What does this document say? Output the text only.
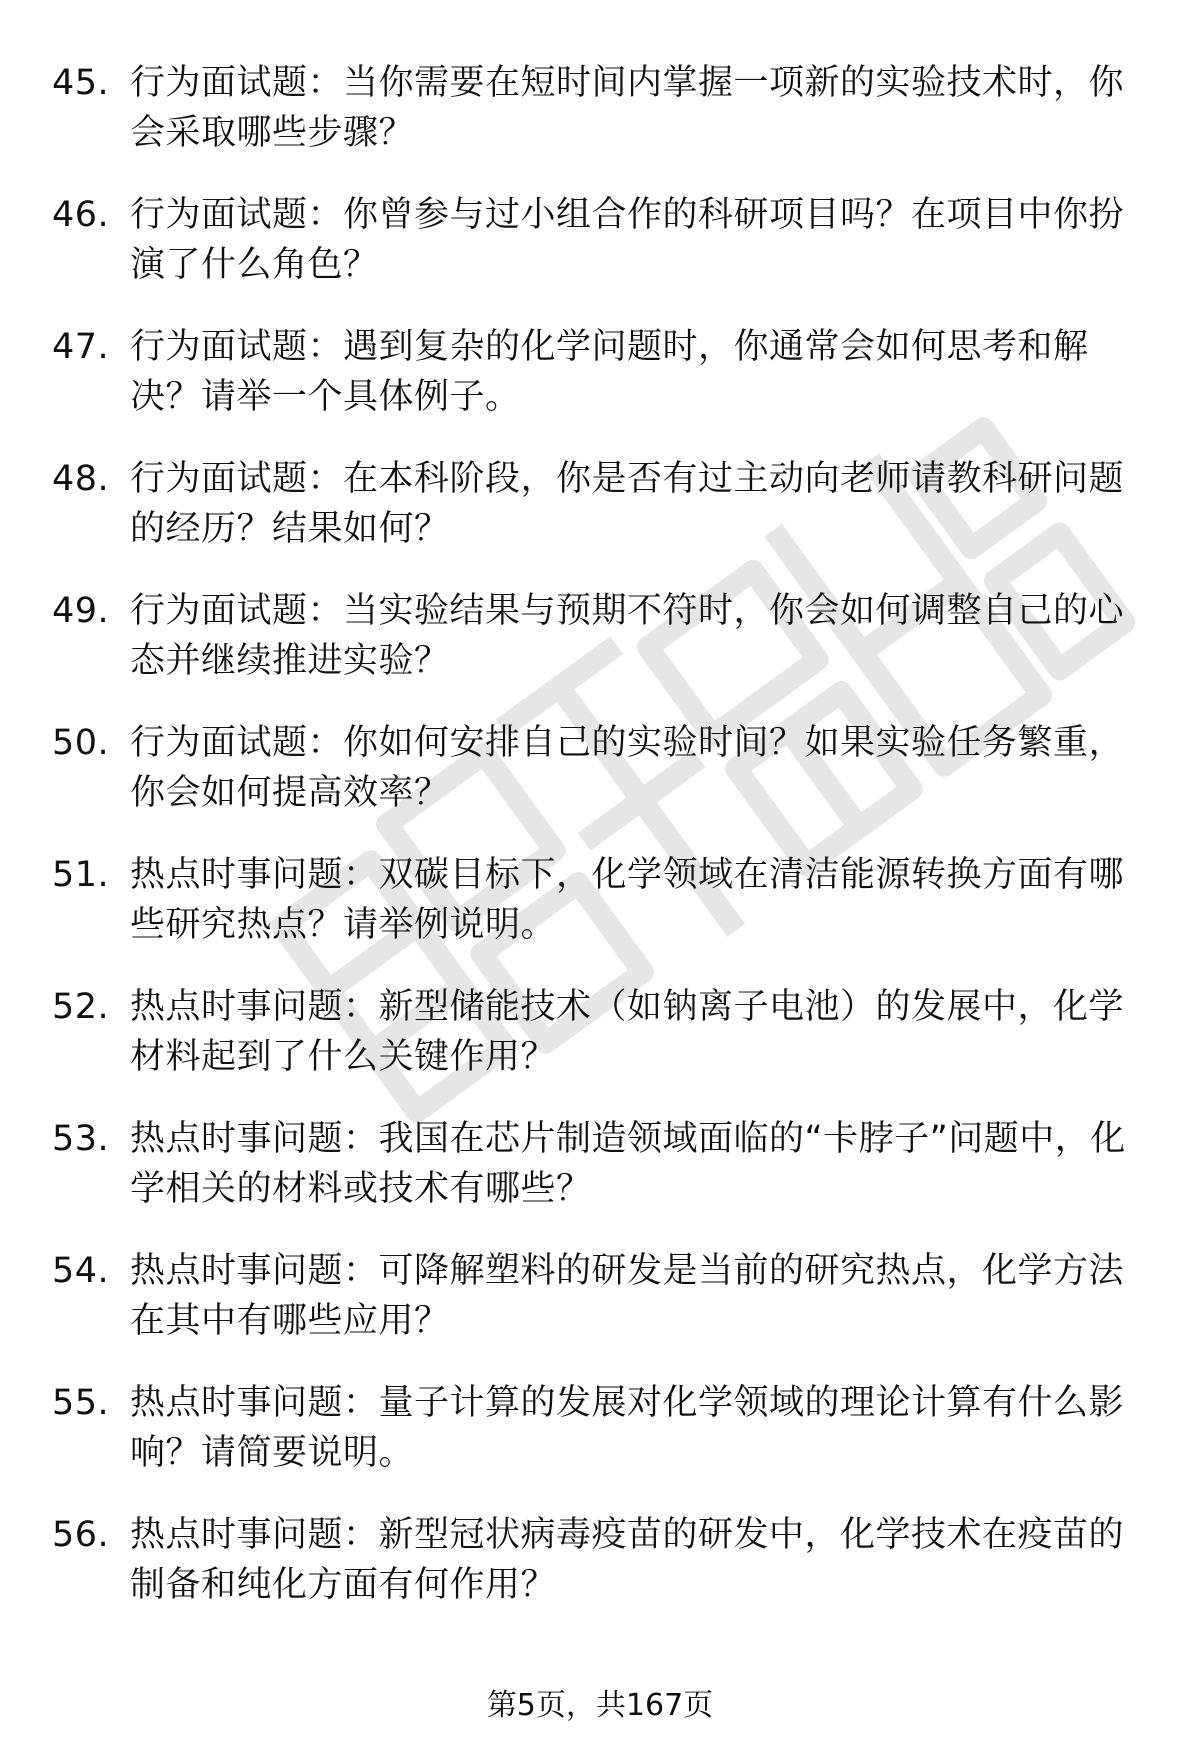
45. 行为面试题：当你需要在短时间内掌握一项新的实验技术时，你会采取哪些步骤？
46. 行为面试题：你曾参与过小组合作的科研项目吗？在项目中你扮演了什么角色？
47. 行为面试题：遇到复杂的化学问题时，你通常会如何思考和解决？请举一个具体例子。
48. 行为面试题：在本科阶段，你是否有过主动向老师请教科研问题的经历？结果如何？
49. 行为面试题：当实验结果与预期不符时，你会如何调整自己的心态并继续推进实验？
50. 行为面试题：你如何安排自己的实验时间？如果实验任务繁重，你会如何提高效率？
51. 热点时事问题：双碳目标下，化学领域在清洁能源转换方面有哪些研究热点？请举例说明。
52. 热点时事问题：新型储能技术（如钠离子电池）的发展中，化学材料起到了什么关键作用？
53. 热点时事问题：我国在芯片制造领域面临的“卡脖子”问题中，化学相关的材料或技术有哪些？
54. 热点时事问题：可降解塑料的研发是当前的研究热点，化学方法在其中有哪些应用？
55. 热点时事问题：量子计算的发展对化学领域的理论计算有什么影响？请简要说明。
56. 热点时事问题：新型冠状病毒疫苗的研发中，化学技术在疫苗的制备和纯化方面有何作用？
第5页，共167页
